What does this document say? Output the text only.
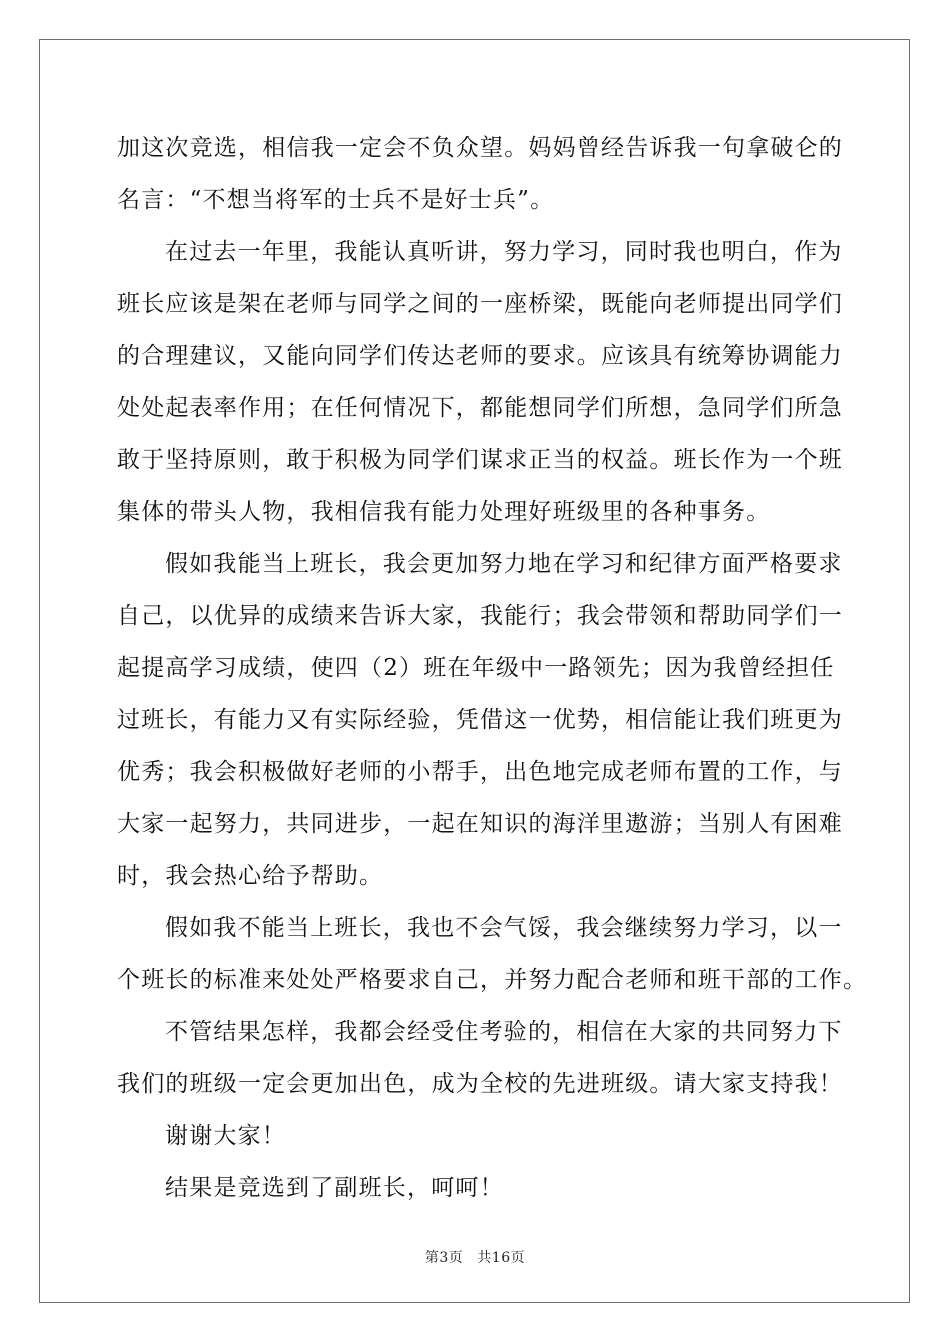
加这次竞选，相信我一定会不负众望。妈妈曾经告诉我一句拿破仑的
名言：“不想当将军的士兵不是好士兵”。

在过去一年里，我能认真听讲，努力学习，同时我也明白，作为
班长应该是架在老师与同学之间的一座桥梁，既能向老师提出同学们
的合理建议，又能向同学们传达老师的要求。应该具有统筹协调能力
处处起表率作用；在任何情况下，都能想同学们所想，急同学们所急
敢于坚持原则，敢于积极为同学们谋求正当的权益。班长作为一个班
集体的带头人物，我相信我有能力处理好班级里的各种事务。

假如我能当上班长，我会更加努力地在学习和纪律方面严格要求
自己，以优异的成绩来告诉大家，我能行；我会带领和帮助同学们一
起提高学习成绩，使四（2）班在年级中一路领先；因为我曾经担任
过班长，有能力又有实际经验，凭借这一优势，相信能让我们班更为
优秀；我会积极做好老师的小帮手，出色地完成老师布置的工作，与
大家一起努力，共同进步，一起在知识的海洋里遨游；当别人有困难
时，我会热心给予帮助。

假如我不能当上班长，我也不会气馁，我会继续努力学习，以一
个班长的标准来处处严格要求自己，并努力配合老师和班干部的工作。

不管结果怎样，我都会经受住考验的，相信在大家的共同努力下
我们的班级一定会更加出色，成为全校的先进班级。请大家支持我！

谢谢大家！

结果是竞选到了副班长，呵呵！

第3页 共16页
